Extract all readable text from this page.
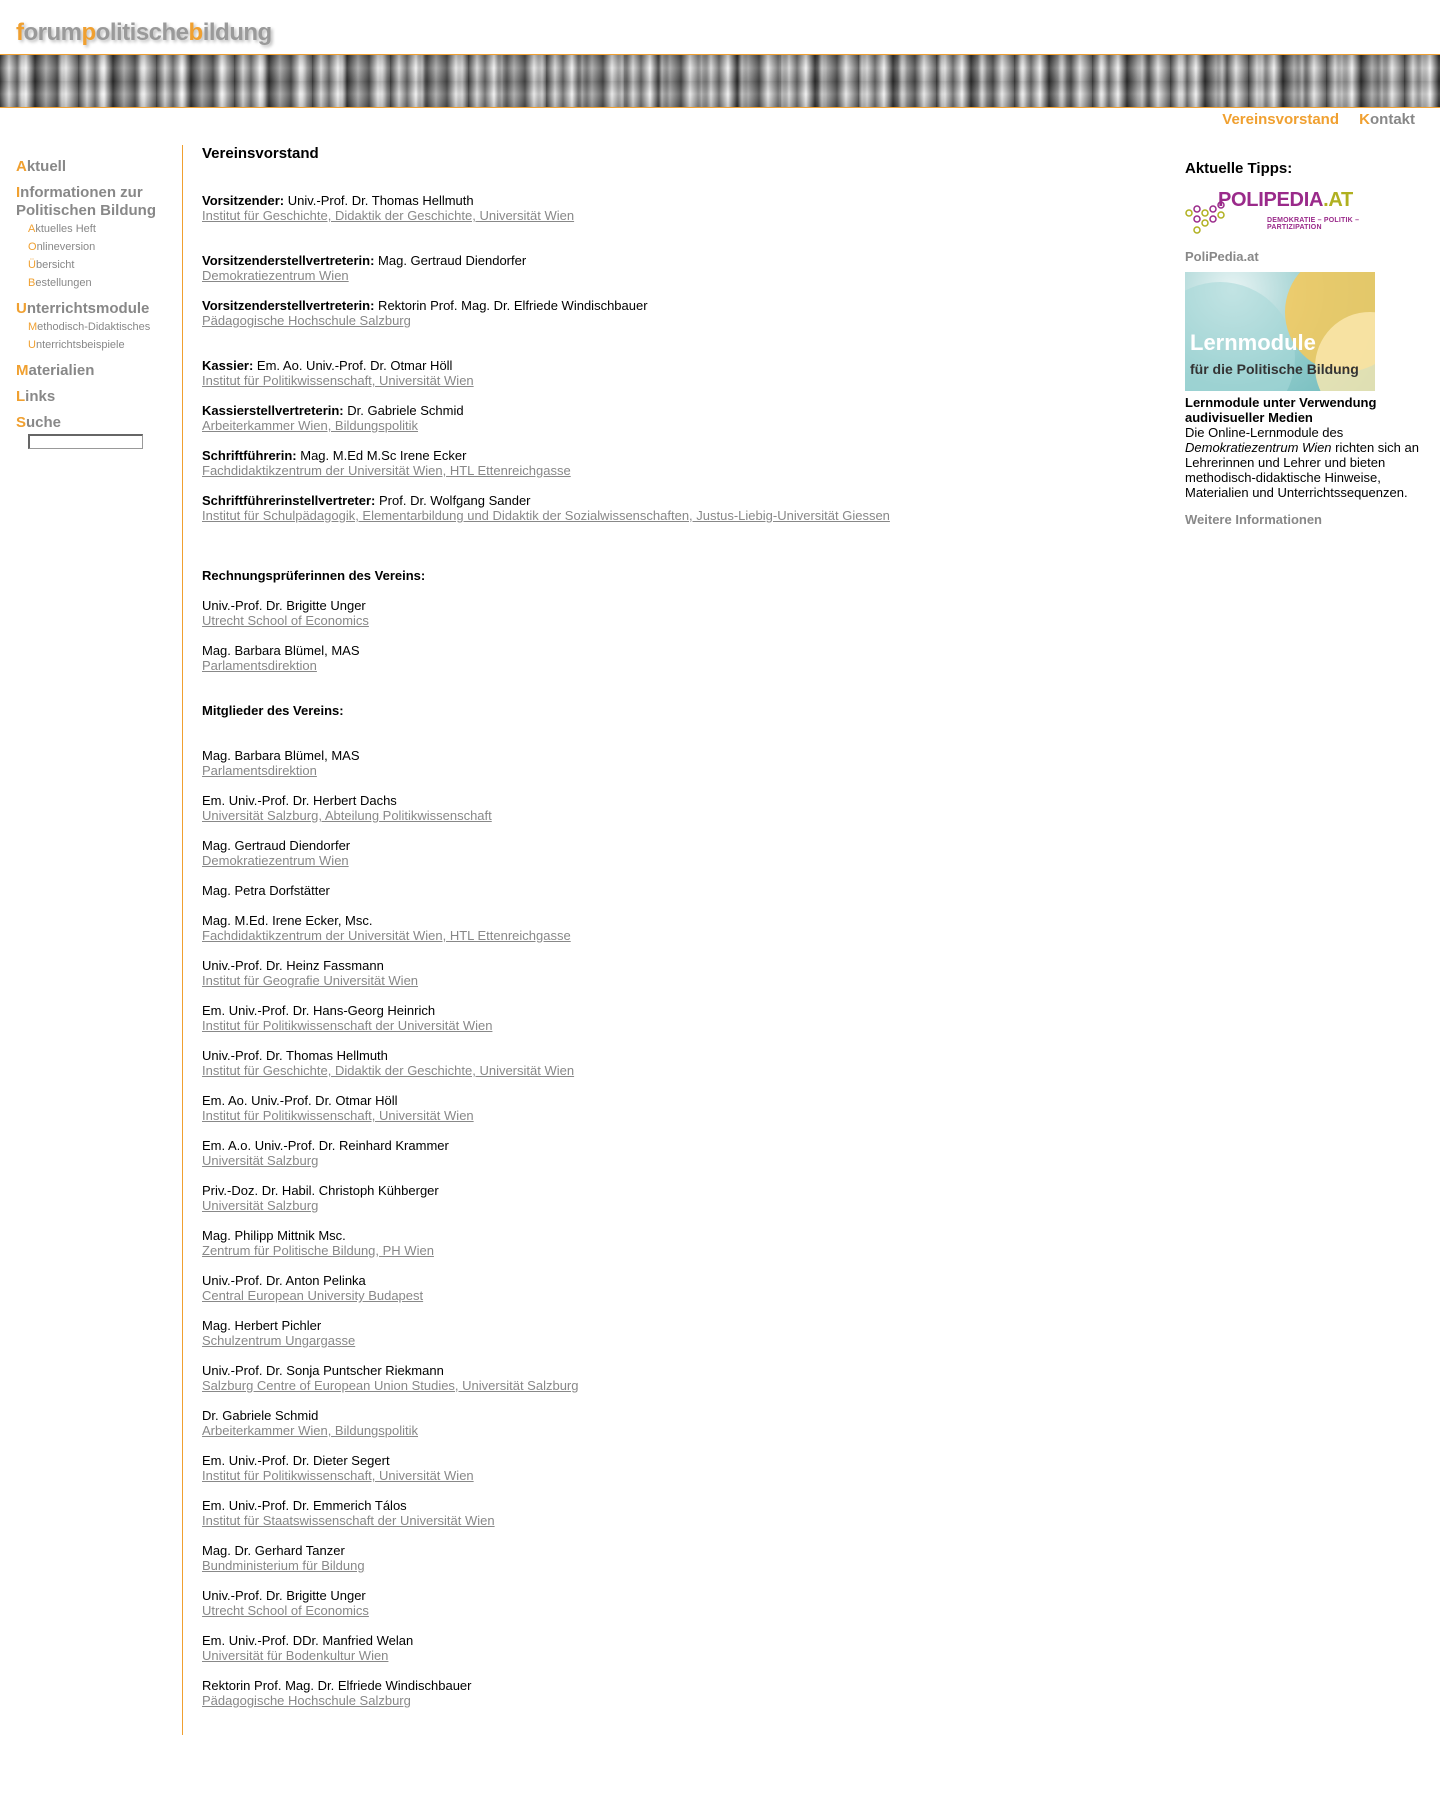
forumpolitischebildung
Vereinsvorstand Kontakt
Aktuell
Informationen zur Politischen Bildung
Aktuelles Heft
Onlineversion
Übersicht
Bestellungen
Unterrichtsmodule
Methodisch-Didaktisches
Unterrichtsbeispiele
Materialien
Links
Suche
Vereinsvorstand
Vorsitzender: Univ.-Prof. Dr. Thomas Hellmuth
Institut für Geschichte, Didaktik der Geschichte, Universität Wien
Vorsitzenderstellvertreterin: Mag. Gertraud Diendorfer
Demokratiezentrum Wien
Vorsitzenderstellvertreterin: Rektorin Prof. Mag. Dr. Elfriede Windischbauer
Pädagogische Hochschule Salzburg
Kassier: Em. Ao. Univ.-Prof. Dr. Otmar Höll
Institut für Politikwissenschaft, Universität Wien
Kassierstellvertreterin: Dr. Gabriele Schmid
Arbeiterkammer Wien, Bildungspolitik
Schriftführerin: Mag. M.Ed M.Sc Irene Ecker
Fachdidaktikzentrum der Universität Wien, HTL Ettenreichgasse
Schriftführerinstellvertreter: Prof. Dr. Wolfgang Sander
Institut für Schulpädagogik, Elementarbildung und Didaktik der Sozialwissenschaften, Justus-Liebig-Universität Giessen
Rechnungsprüferinnen des Vereins:
Univ.-Prof. Dr. Brigitte Unger
Utrecht School of Economics
Mag. Barbara Blümel, MAS
Parlamentsdirektion
Mitglieder des Vereins:
Mag. Barbara Blümel, MAS
Parlamentsdirektion
Em. Univ.-Prof. Dr. Herbert Dachs
Universität Salzburg, Abteilung Politikwissenschaft
Mag. Gertraud Diendorfer
Demokratiezentrum Wien
Mag. Petra Dorfstätter
Mag. M.Ed. Irene Ecker, Msc.
Fachdidaktikzentrum der Universität Wien, HTL Ettenreichgasse
Univ.-Prof. Dr. Heinz Fassmann
Institut für Geografie Universität Wien
Em. Univ.-Prof. Dr. Hans-Georg Heinrich
Institut für Politikwissenschaft der Universität Wien
Univ.-Prof. Dr. Thomas Hellmuth
Institut für Geschichte, Didaktik der Geschichte, Universität Wien
Em. Ao. Univ.-Prof. Dr. Otmar Höll
Institut für Politikwissenschaft, Universität Wien
Em. A.o. Univ.-Prof. Dr. Reinhard Krammer
Universität Salzburg
Priv.-Doz. Dr. Habil. Christoph Kühberger
Universität Salzburg
Mag. Philipp Mittnik Msc.
Zentrum für Politische Bildung, PH Wien
Univ.-Prof. Dr. Anton Pelinka
Central European University Budapest
Mag. Herbert Pichler
Schulzentrum Ungargasse
Univ.-Prof. Dr. Sonja Puntscher Riekmann
Salzburg Centre of European Union Studies, Universität Salzburg
Dr. Gabriele Schmid
Arbeiterkammer Wien, Bildungspolitik
Em. Univ.-Prof. Dr. Dieter Segert
Institut für Politikwissenschaft, Universität Wien
Em. Univ.-Prof. Dr. Emmerich Tálos
Institut für Staatswissenschaft der Universität Wien
Mag. Dr. Gerhard Tanzer
Bundministerium für Bildung
Univ.-Prof. Dr. Brigitte Unger
Utrecht School of Economics
Em. Univ.-Prof. DDr. Manfried Welan
Universität für Bodenkultur Wien
Rektorin Prof. Mag. Dr. Elfriede Windischbauer
Pädagogische Hochschule Salzburg
Aktuelle Tipps:
POLIPEDIA.AT
DEMOKRATIE – POLITIK – PARTIZIPATION
PoliPedia.at
Lernmodule
für die Politische Bildung
Lernmodule unter Verwendung audivisueller Medien
Die Online-Lernmodule des Demokratiezentrum Wien richten sich an Lehrerinnen und Lehrer und bieten methodisch-didaktische Hinweise, Materialien und Unterrichtssequenzen.
Weitere Informationen
